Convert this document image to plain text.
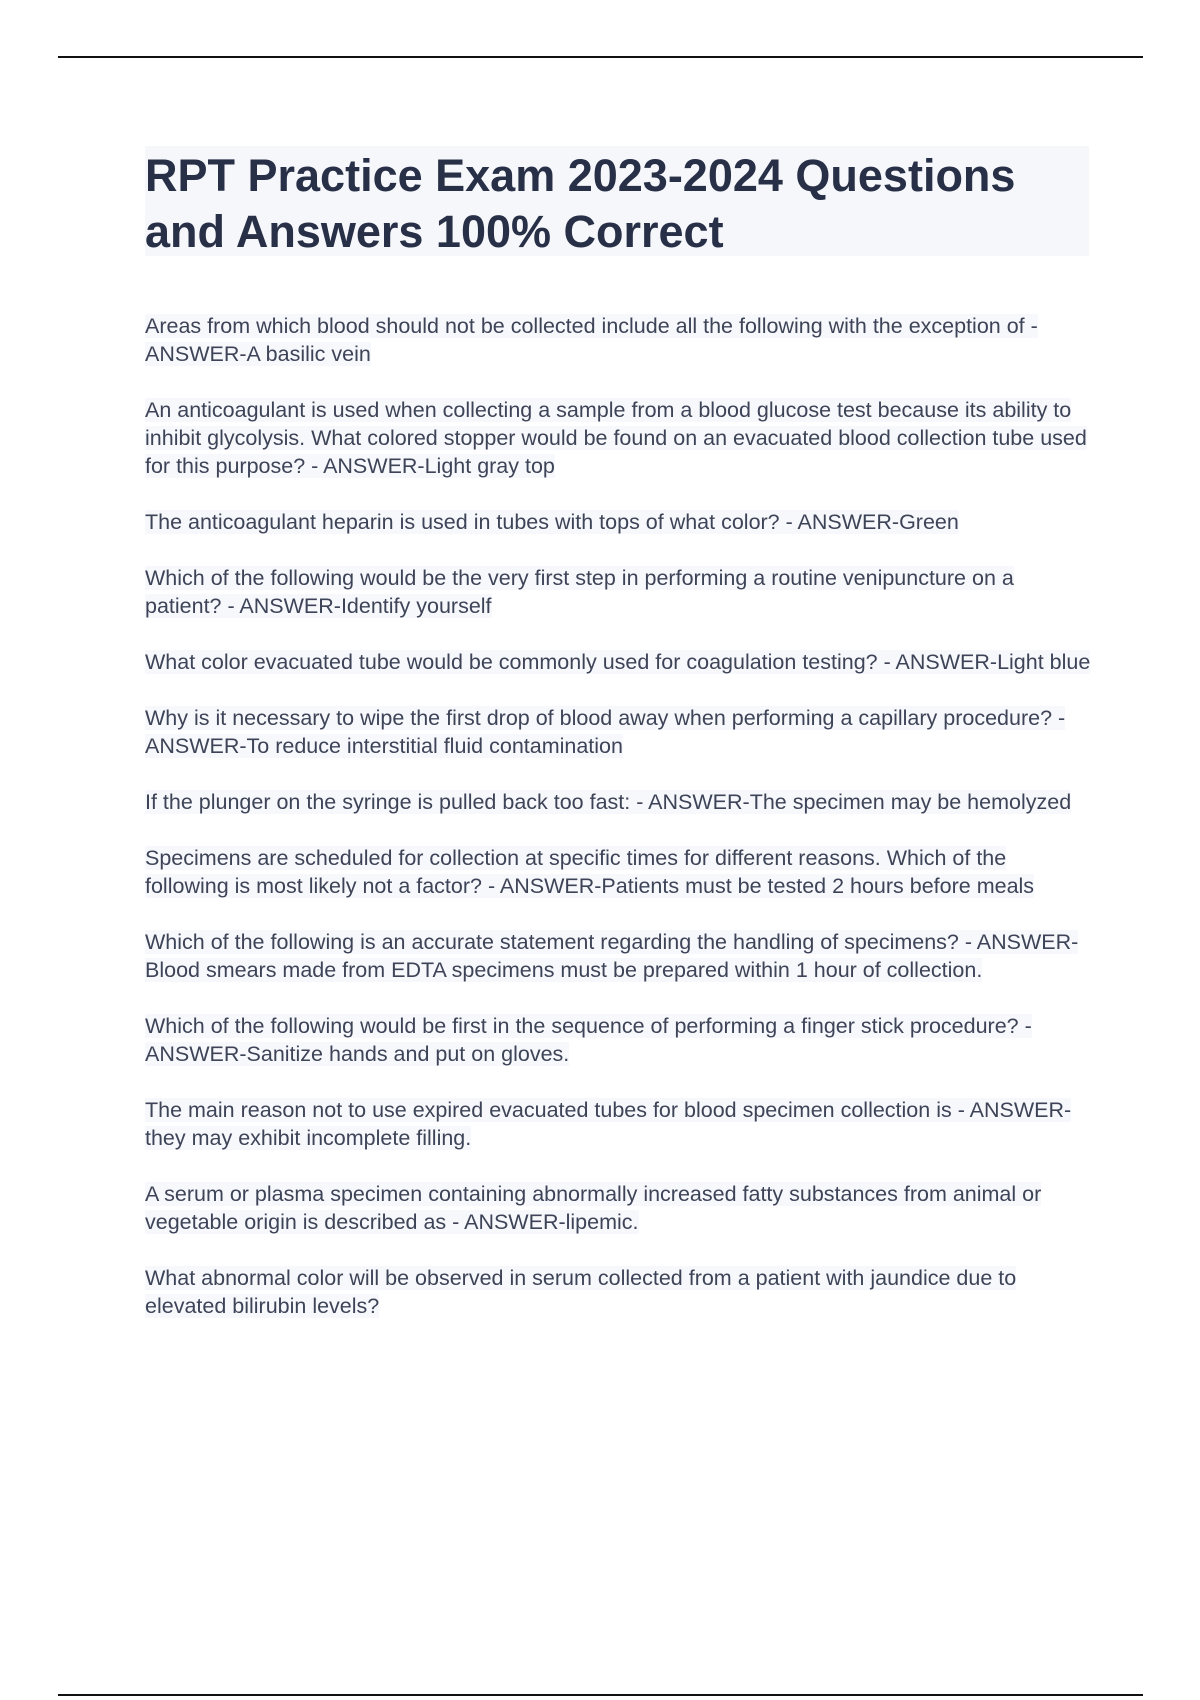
RPT Practice Exam 2023-2024 Questions and Answers 100% Correct
Areas from which blood should not be collected include all the following with the exception of - ANSWER-A basilic vein
An anticoagulant is used when collecting a sample from a blood glucose test because its ability to inhibit glycolysis. What colored stopper would be found on an evacuated blood collection tube used for this purpose? - ANSWER-Light gray top
The anticoagulant heparin is used in tubes with tops of what color? - ANSWER-Green
Which of the following would be the very first step in performing a routine venipuncture on a patient? - ANSWER-Identify yourself
What color evacuated tube would be commonly used for coagulation testing? - ANSWER-Light blue
Why is it necessary to wipe the first drop of blood away when performing a capillary procedure? - ANSWER-To reduce interstitial fluid contamination
If the plunger on the syringe is pulled back too fast: - ANSWER-The specimen may be hemolyzed
Specimens are scheduled for collection at specific times for different reasons. Which of the following is most likely not a factor? - ANSWER-Patients must be tested 2 hours before meals
Which of the following is an accurate statement regarding the handling of specimens? - ANSWER-Blood smears made from EDTA specimens must be prepared within 1 hour of collection.
Which of the following would be first in the sequence of performing a finger stick procedure? - ANSWER-Sanitize hands and put on gloves.
The main reason not to use expired evacuated tubes for blood specimen collection is - ANSWER-they may exhibit incomplete filling.
A serum or plasma specimen containing abnormally increased fatty substances from animal or vegetable origin is described as - ANSWER-lipemic.
What abnormal color will be observed in serum collected from a patient with jaundice due to elevated bilirubin levels?
